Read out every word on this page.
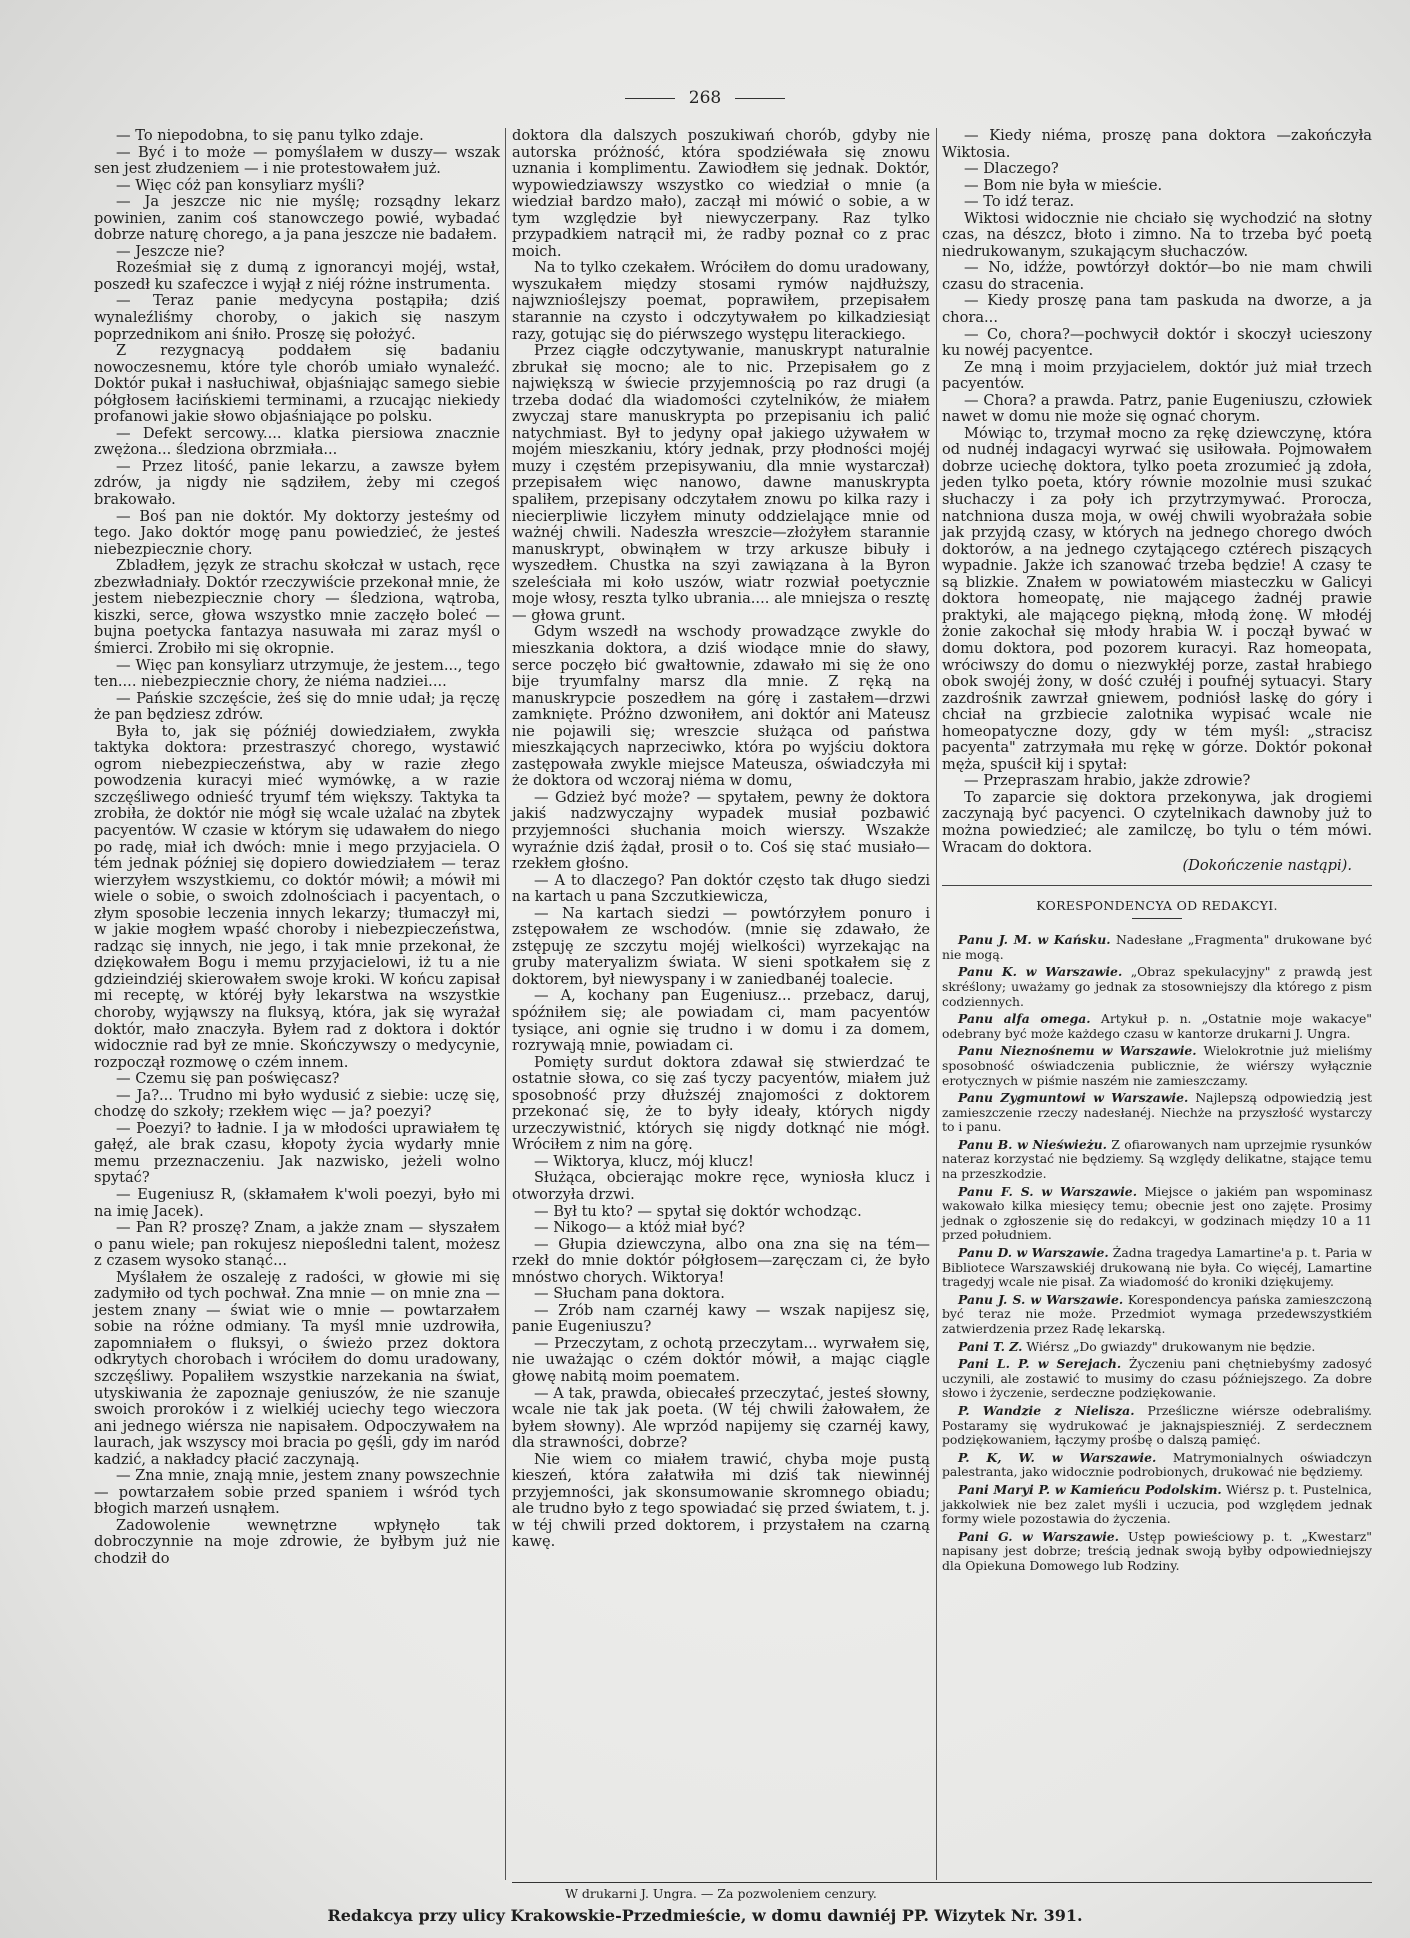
268

— To niepodobna, to się panu tylko zdaje.

— Być i to może — pomyślałem w duszy— wszak sen jest złudzeniem — i nie protestowałem już.

— Więc cóż pan konsyliarz myśli?

— Ja jeszcze nic nie myślę; rozsądny lekarz powinien, zanim coś stanowczego powié, wybadać dobrze naturę chorego, a ja pana jeszcze nie badałem.

— Jeszcze nie?

Roześmiał się z dumą z ignorancyi mojéj, wstał, poszedł ku szafeczce i wyjął z niéj różne instrumenta.

— Teraz panie medycyna postąpiła; dziś wynaleźliśmy choroby, o jakich się naszym poprzednikom ani śniło. Proszę się położyć.

Z rezygnacyą poddałem się badaniu nowoczesnemu, które tyle chorób umiało wynaleźć. Doktór pukał i nasłuchiwał, objaśniając samego siebie półgłosem łacińskiemi terminami, a rzucając niekiedy profanowi jakie słowo objaśniające po polsku.

— Defekt sercowy.... klatka piersiowa znacznie zwężona... śledziona obrzmiała...

— Przez litość, panie lekarzu, a zawsze byłem zdrów, ja nigdy nie sądziłem, żeby mi czegoś brakowało.

— Boś pan nie doktór. My doktorzy jesteśmy od tego. Jako doktór mogę panu powiedzieć, że jesteś niebezpiecznie chory.

Zbladłem, język ze strachu skołczał w ustach, ręce zbezwładniały. Doktór rzeczywiście przekonał mnie, że jestem niebezpiecznie chory — śledziona, wątroba, kiszki, serce, głowa wszystko mnie zaczęło boleć — bujna poetycka fantazya nasuwała mi zaraz myśl o śmierci. Zrobiło mi się okropnie.

— Więc pan konsyliarz utrzymuje, że jestem..., tego ten.... niebezpiecznie chory, że niéma nadziei....

— Pańskie szczęście, żeś się do mnie udał; ja ręczę że pan będziesz zdrów.

Była to, jak się późniéj dowiedziałem, zwykła taktyka doktora: przestraszyć chorego, wystawić ogrom niebezpieczeństwa, aby w razie złego powodzenia kuracyi mieć wymówkę, a w razie szczęśliwego odnieść tryumf tém większy. Taktyka ta zrobiła, że doktór nie mógł się wcale użalać na zbytek pacyentów. W czasie w którym się udawałem do niego po radę, miał ich dwóch: mnie i mego przyjaciela. O tém jednak później się dopiero dowiedziałem — teraz wierzyłem wszystkiemu, co doktór mówił; a mówił mi wiele o sobie, o swoich zdolnościach i pacyentach, o złym sposobie leczenia innych lekarzy; tłumaczył mi, w jakie mogłem wpaść choroby i niebezpieczeństwa, radząc się innych, nie jego, i tak mnie przekonał, że dziękowałem Bogu i memu przyjacielowi, iż tu a nie gdzieindziéj skierowałem swoje kroki. W końcu zapisał mi receptę, w któréj były lekarstwa na wszystkie choroby, wyjąwszy na fluksyą, która, jak się wyrażał doktór, mało znaczyła. Byłem rad z doktora i doktór widocznie rad był ze mnie. Skończywszy o medycynie, rozpoczął rozmowę o czém innem.

— Czemu się pan poświęcasz?

— Ja?... Trudno mi było wydusić z siebie: uczę się, chodzę do szkoły; rzekłem więc — ja? poezyi?

— Poezyi? to ładnie. I ja w młodości uprawiałem tę gałęź, ale brak czasu, kłopoty życia wydarły mnie memu przeznaczeniu. Jak nazwisko, jeżeli wolno spytać?

— Eugeniusz R, (skłamałem k'woli poezyi, było mi na imię Jacek).

— Pan R? proszę? Znam, a jakże znam — słyszałem o panu wiele; pan rokujesz niepośledni talent, możesz z czasem wysoko stanąć...

Myślałem że oszaleję z radości, w głowie mi się zadymiło od tych pochwał. Zna mnie — on mnie zna — jestem znany — świat wie o mnie — powtarzałem sobie na różne odmiany. Ta myśl mnie uzdrowiła, zapomniałem o fluksyi, o świeżo przez doktora odkrytych chorobach i wróciłem do domu uradowany, szczęśliwy. Popaliłem wszystkie narzekania na świat, utyskiwania że zapoznaje geniuszów, że nie szanuje swoich proroków i z wielkiéj uciechy tego wieczora ani jednego wiérsza nie napisałem. Odpoczywałem na laurach, jak wszyscy moi bracia po gęśli, gdy im naród kadzić, a nakładcy płacić zaczynają.

— Zna mnie, znają mnie, jestem znany powszechnie — powtarzałem sobie przed spaniem i wśród tych błogich marzeń usnąłem.

Zadowolenie wewnętrzne wpłynęło tak dobroczynnie na moje zdrowie, że byłbym już nie chodził do

doktora dla dalszych poszukiwań chorób, gdyby nie autorska próżność, która spodziéwała się znowu uznania i komplimentu. Zawiodłem się jednak. Doktór, wypowiedziawszy wszystko co wiedział o mnie (a wiedział bardzo mało), zaczął mi mówić o sobie, a w tym względzie był niewyczerpany. Raz tylko przypadkiem natrącił mi, że radby poznał co z prac moich.

Na to tylko czekałem. Wróciłem do domu uradowany, wyszukałem między stosami rymów najdłuższy, najwznioślejszy poemat, poprawiłem, przepisałem starannie na czysto i odczytywałem po kilkadziesiąt razy, gotując się do piérwszego występu literackiego.

Przez ciągłe odczytywanie, manuskrypt naturalnie zbrukał się mocno; ale to nic. Przepisałem go z największą w świecie przyjemnością po raz drugi (a trzeba dodać dla wiadomości czytelników, że miałem zwyczaj stare manuskrypta po przepisaniu ich palić natychmiast. Był to jedyny opał jakiego używałem w mojém mieszkaniu, który jednak, przy płodności mojéj muzy i częstém przepisywaniu, dla mnie wystarczał) przepisałem więc nanowo, dawne manuskrypta spaliłem, przepisany odczytałem znowu po kilka razy i niecierpliwie liczyłem minuty oddzielające mnie od ważnéj chwili. Nadeszła wreszcie—złożyłem starannie manuskrypt, obwinąłem w trzy arkusze bibuły i wyszedłem. Chustka na szyi zawiązana à la Byron szeleściała mi koło uszów, wiatr rozwiał poetycznie moje włosy, reszta tylko ubrania.... ale mniejsza o resztę— głowa grunt.

Gdym wszedł na wschody prowadzące zwykle do mieszkania doktora, a dziś wiodące mnie do sławy, serce poczęło bić gwałtownie, zdawało mi się że ono bije tryumfalny marsz dla mnie. Z ręką na manuskrypcie poszedłem na górę i zastałem—drzwi zamknięte. Próżno dzwoniłem, ani doktór ani Mateusz nie pojawili się; wreszcie służąca od państwa mieszkających naprzeciwko, która po wyjściu doktora zastępowała zwykle miejsce Mateusza, oświadczyła mi że doktora od wczoraj niéma w domu,

— Gdzież być może? — spytałem, pewny że doktora jakiś nadzwyczajny wypadek musiał pozbawić przyjemności słuchania moich wierszy. Wszakże wyraźnie dziś żądał, prosił o to. Coś się stać musiało— rzekłem głośno.

— A to dlaczego? Pan doktór często tak długo siedzi na kartach u pana Szczutkiewicza,

— Na kartach siedzi — powtórzyłem ponuro i zstępowałem ze wschodów. (mnie się zdawało, że zstępuję ze szczytu mojéj wielkości) wyrzekając na gruby materyalizm świata. W sieni spotkałem się z doktorem, był niewyspany i w zaniedbanéj toalecie.

— A, kochany pan Eugeniusz... przebacz, daruj, spóźniłem się; ale powiadam ci, mam pacyentów tysiące, ani ognie się trudno i w domu i za domem, rozrywają mnie, powiadam ci.

Pomięty surdut doktora zdawał się stwierdzać te ostatnie słowa, co się zaś tyczy pacyentów, miałem już sposobność przy dłuższéj znajomości z doktorem przekonać się, że to były ideały, których nigdy urzeczywistnić, których się nigdy dotknąć nie mógł. Wróciłem z nim na górę.

— Wiktorya, klucz, mój klucz!

Służąca, obcierając mokre ręce, wyniosła klucz i otworzyła drzwi.

— Był tu kto? — spytał się doktór wchodząc.

— Nikogo— a któż miał być?

— Głupia dziewczyna, albo ona zna się na tém— rzekł do mnie doktór półgłosem—zaręczam ci, że było mnóstwo chorych. Wiktorya!

— Słucham pana doktora.

— Zrób nam czarnéj kawy — wszak napijesz się, panie Eugeniuszu?

— Przeczytam, z ochotą przeczytam... wyrwałem się, nie uważając o czém doktór mówił, a mając ciągle głowę nabitą moim poematem.

— A tak, prawda, obiecałeś przeczytać, jesteś słowny, wcale nie tak jak poeta. (W téj chwili żałowałem, że byłem słowny). Ale wprzód napijemy się czarnéj kawy, dla strawności, dobrze?

Nie wiem co miałem trawić, chyba moje pustą kieszeń, która załatwiła mi dziś tak niewinnéj przyjemności, jak skonsumowanie skromnego obiadu; ale trudno było z tego spowiadać się przed światem, t. j. w téj chwili przed doktorem, i przystałem na czarną kawę.

— Kiedy niéma, proszę pana doktora —zakończyła Wiktosia.

— Dlaczego?

— Bom nie była w mieście.

— To idź teraz.

Wiktosi widocznie nie chciało się wychodzić na słotny czas, na dészcz, błoto i zimno. Na to trzeba być poetą niedrukowanym, szukającym słuchaczów.

— No, idźże, powtórzył doktór—bo nie mam chwili czasu do stracenia.

— Kiedy proszę pana tam paskuda na dworze, a ja chora...

— Co, chora?—pochwycił doktór i skoczył ucieszony ku nowéj pacyentce.

Ze mną i moim przyjacielem, doktór już miał trzech pacyentów.

— Chora? a prawda. Patrz, panie Eugeniuszu, człowiek nawet w domu nie może się ognać chorym.

Mówiąc to, trzymał mocno za rękę dziewczynę, która od nudnéj indagacyi wyrwać się usiłowała. Pojmowałem dobrze uciechę doktora, tylko poeta zrozumieć ją zdoła, jeden tylko poeta, który równie mozolnie musi szukać słuchaczy i za poły ich przytrzymywać. Prorocza, natchniona dusza moja, w owéj chwili wyobrażała sobie jak przyjdą czasy, w których na jednego chorego dwóch doktorów, a na jednego czytającego cztérech piszących wypadnie. Jakże ich szanować trzeba będzie! A czasy te są blizkie. Znałem w powiatowém miasteczku w Galicyi doktora homeopatę, nie mającego żadnéj prawie praktyki, ale mającego piękną, młodą żonę. W młodéj żonie zakochał się młody hrabia W. i począł bywać w domu doktora, pod pozorem kuracyi. Raz homeopata, wróciwszy do domu o niezwykłéj porze, zastał hrabiego obok swojéj żony, w dość czułéj i poufnéj sytuacyi. Stary zazdrośnik zawrzał gniewem, podniósł laskę do góry i chciał na grzbiecie zalotnika wypisać wcale nie homeopatyczne dozy, gdy w tém myśl: „stracisz pacyenta" zatrzymała mu rękę w górze. Doktór pokonał męża, spuścił kij i spytał:

— Przepraszam hrabio, jakże zdrowie?

To zaparcie się doktora przekonywa, jak drogiemi zaczynają być pacyenci. O czytelnikach dawnoby już to można powiedzieć; ale zamilczę, bo tylu o tém mówi. Wracam do doktora.

(Dokończenie nastąpi).
KORESPONDENCYA OD REDAKCYI.

Panu J. M. w Kańsku. Nadesłane „Fragmenta" drukowane być nie mogą.

Panu K. w Warszawie. „Obraz spekulacyjny" z prawdą jest skréślony; uważamy go jednak za stosowniejszy dla którego z pism codziennych.

Panu alfa omega. Artykuł p. n. „Ostatnie moje wakacye" odebrany być może każdego czasu w kantorze drukarni J. Ungra.

Panu Nieznośnemu w Warszawie. Wielokrotnie już mieliśmy sposobność oświadczenia publicznie, że wiérszy wyłącznie erotycznych w piśmie naszém nie zamieszczamy.

Panu Zygmuntowi w Warszawie. Najlepszą odpowiedzią jest zamieszczenie rzeczy nadesłanéj. Niechże na przyszłość wystarczy to i panu.

Panu B. w Nieświeżu. Z ofiarowanych nam uprzejmie rysunków nateraz korzystać nie będziemy. Są względy delikatne, stające temu na przeszkodzie.

Panu F. S. w Warszawie. Miejsce o jakiém pan wspominasz wakowało kilka miesięcy temu; obecnie jest ono zajęte. Prosimy jednak o zgłoszenie się do redakcyi, w godzinach między 10 a 11 przed południem.

Panu D. w Warszawie. Żadna tragedya Lamartine'a p. t. Paria w Bibliotece Warszawskiéj drukowaną nie była. Co więcéj, Lamartine tragedyj wcale nie pisał. Za wiadomość do kroniki dziękujemy.

Panu J. S. w Warszawie. Korespondencya pańska zamieszczoną być teraz nie może. Przedmiot wymaga przedewszystkiém zatwierdzenia przez Radę lekarską.

Pani T. Z. Wiérsz „Do gwiazdy" drukowanym nie będzie.

Pani L. P. w Serejach. Życzeniu pani chętniebyśmy zadosyć uczynili, ale zostawić to musimy do czasu późniejszego. Za dobre słowo i życzenie, serdeczne podziękowanie.

P. Wandzie z Nielisza. Prześliczne wiérsze odebraliśmy. Postaramy się wydrukować je jaknajspieszniéj. Z serdecznem podziękowaniem, łączymy prośbę o dalszą pamięć.

P. K, W. w Warszawie. Matrymonialnych oświadczyn palestranta, jako widocznie podrobionych, drukować nie będziemy.

Pani Maryi P. w Kamieńcu Podolskim. Wiérsz p. t. Pustelnica, jakkolwiek nie bez zalet myśli i uczucia, pod względem jednak formy wiele pozostawia do życzenia.

Pani G. w Warszawie. Ustęp powieściowy p. t. „Kwestarz" napisany jest dobrze; treścią jednak swoją byłby odpowiedniejszy dla Opiekuna Domowego lub Rodziny.

W drukarni J. Ungra. — Za pozwoleniem cenzury.
Redakcya przy ulicy Krakowskie-Przedmieście, w domu dawniéj PP. Wizytek Nr. 391.
